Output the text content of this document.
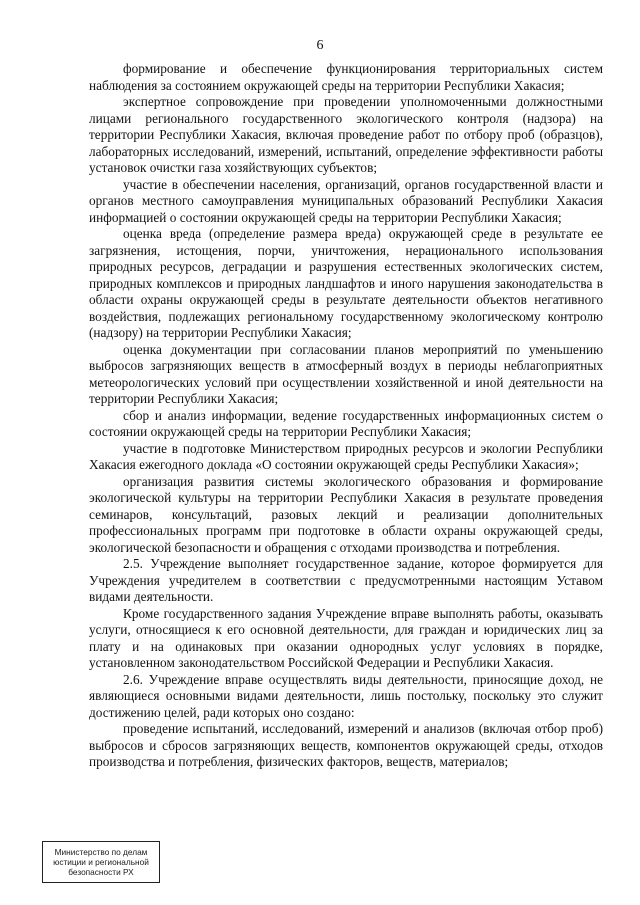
6

формирование и обеспечение функционирования территориальных систем наблюдения за состоянием окружающей среды на территории Республики Хакасия;

экспертное сопровождение при проведении уполномоченными должностными лицами регионального государственного экологического контроля (надзора) на территории Республики Хакасия, включая проведение работ по отбору проб (образцов), лабораторных исследований, измерений, испытаний, определение эффективности работы установок очистки газа хозяйствующих субъектов;

участие в обеспечении населения, организаций, органов государственной власти и органов местного самоуправления муниципальных образований Республики Хакасия информацией о состоянии окружающей среды на территории Республики Хакасия;

оценка вреда (определение размера вреда) окружающей среде в результате ее загрязнения, истощения, порчи, уничтожения, нерационального использования природных ресурсов, деградации и разрушения естественных экологических систем, природных комплексов и природных ландшафтов и иного нарушения законодательства в области охраны окружающей среды в результате деятельности объектов негативного воздействия, подлежащих региональному государственному экологическому контролю (надзору) на территории Республики Хакасия;

оценка документации при согласовании планов мероприятий по уменьшению выбросов загрязняющих веществ в атмосферный воздух в периоды неблагоприятных метеорологических условий при осуществлении хозяйственной и иной деятельности на территории Республики Хакасия;

сбор и анализ информации, ведение государственных информационных систем о состоянии окружающей среды на территории Республики Хакасия;

участие в подготовке Министерством природных ресурсов и экологии Республики Хакасия ежегодного доклада «О состоянии окружающей среды Республики Хакасия»;

организация развития системы экологического образования и формирование экологической культуры на территории Республики Хакасия в результате проведения семинаров, консультаций, разовых лекций и реализации дополнительных профессиональных программ при подготовке в области охраны окружающей среды, экологической безопасности и обращения с отходами производства и потребления.

2.5. Учреждение выполняет государственное задание, которое формируется для Учреждения учредителем в соответствии с предусмотренными настоящим Уставом видами деятельности.

Кроме государственного задания Учреждение вправе выполнять работы, оказывать услуги, относящиеся к его основной деятельности, для граждан и юридических лиц за плату и на одинаковых при оказании однородных услуг условиях в порядке, установленном законодательством Российской Федерации и Республики Хакасия.

2.6. Учреждение вправе осуществлять виды деятельности, приносящие доход, не являющиеся основными видами деятельности, лишь постольку, поскольку это служит достижению целей, ради которых оно создано:

проведение испытаний, исследований, измерений и анализов (включая отбор проб) выбросов и сбросов загрязняющих веществ, компонентов окружающей среды, отходов производства и потребления, физических факторов, веществ, материалов;

Министерство по делам
юстиции и региональной
безопасности РХ
